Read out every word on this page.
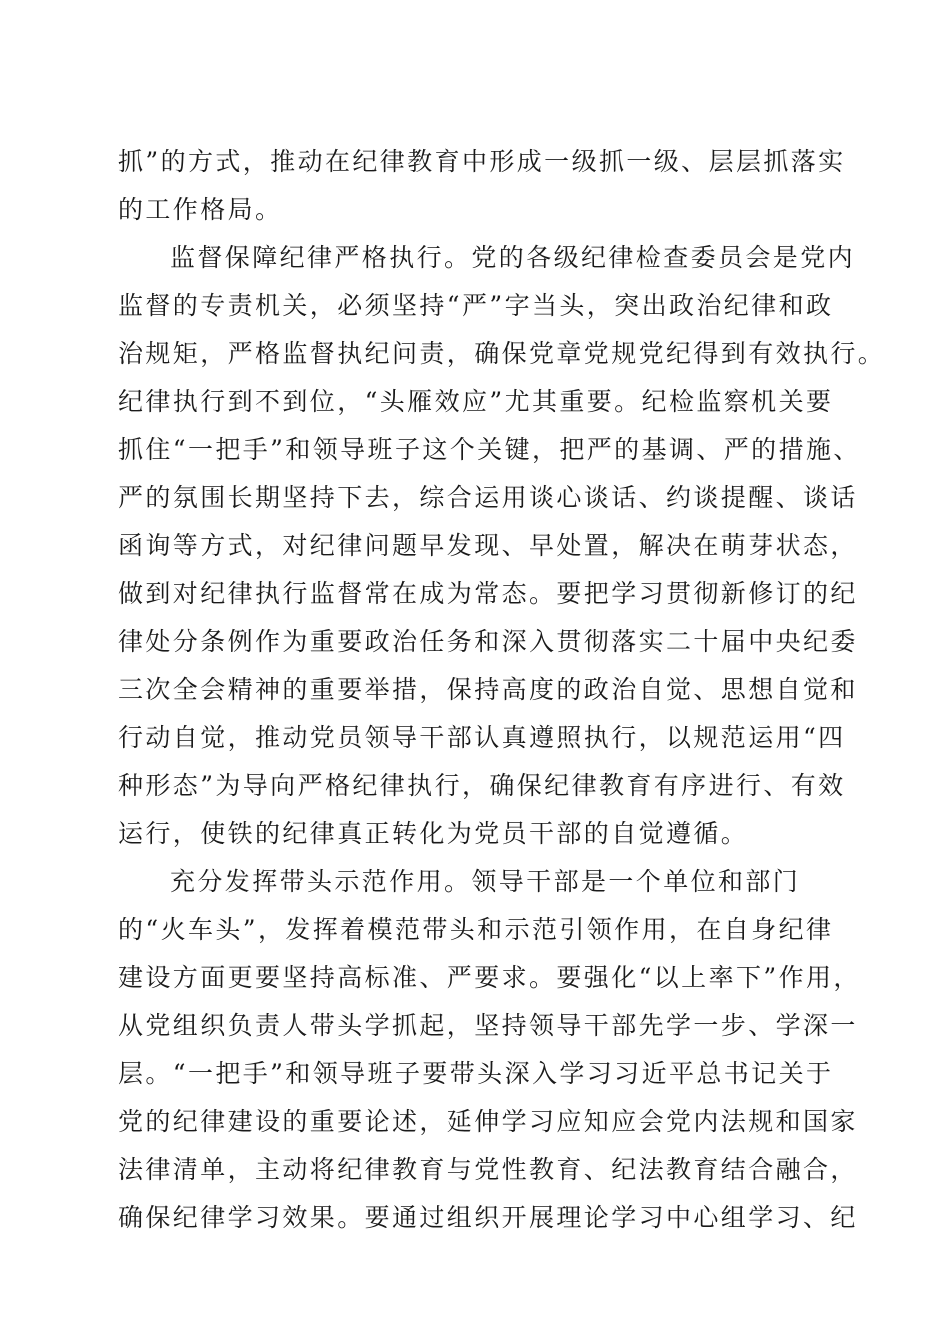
抓”的方式，推动在纪律教育中形成一级抓一级、层层抓落实
的工作格局。
监督保障纪律严格执行。党的各级纪律检查委员会是党内
监督的专责机关，必须坚持“严”字当头，突出政治纪律和政
治规矩，严格监督执纪问责，确保党章党规党纪得到有效执行。
纪律执行到不到位，“头雁效应”尤其重要。纪检监察机关要
抓住“一把手”和领导班子这个关键，把严的基调、严的措施、
严的氛围长期坚持下去，综合运用谈心谈话、约谈提醒、谈话
函询等方式，对纪律问题早发现、早处置，解决在萌芽状态，
做到对纪律执行监督常在成为常态。要把学习贯彻新修订的纪
律处分条例作为重要政治任务和深入贯彻落实二十届中央纪委
三次全会精神的重要举措，保持高度的政治自觉、思想自觉和
行动自觉，推动党员领导干部认真遵照执行，以规范运用“四
种形态”为导向严格纪律执行，确保纪律教育有序进行、有效
运行，使铁的纪律真正转化为党员干部的自觉遵循。
充分发挥带头示范作用。领导干部是一个单位和部门
的“火车头”，发挥着模范带头和示范引领作用，在自身纪律
建设方面更要坚持高标准、严要求。要强化“以上率下”作用，
从党组织负责人带头学抓起，坚持领导干部先学一步、学深一
层。“一把手”和领导班子要带头深入学习习近平总书记关于
党的纪律建设的重要论述，延伸学习应知应会党内法规和国家
法律清单，主动将纪律教育与党性教育、纪法教育结合融合，
确保纪律学习效果。要通过组织开展理论学习中心组学习、纪
